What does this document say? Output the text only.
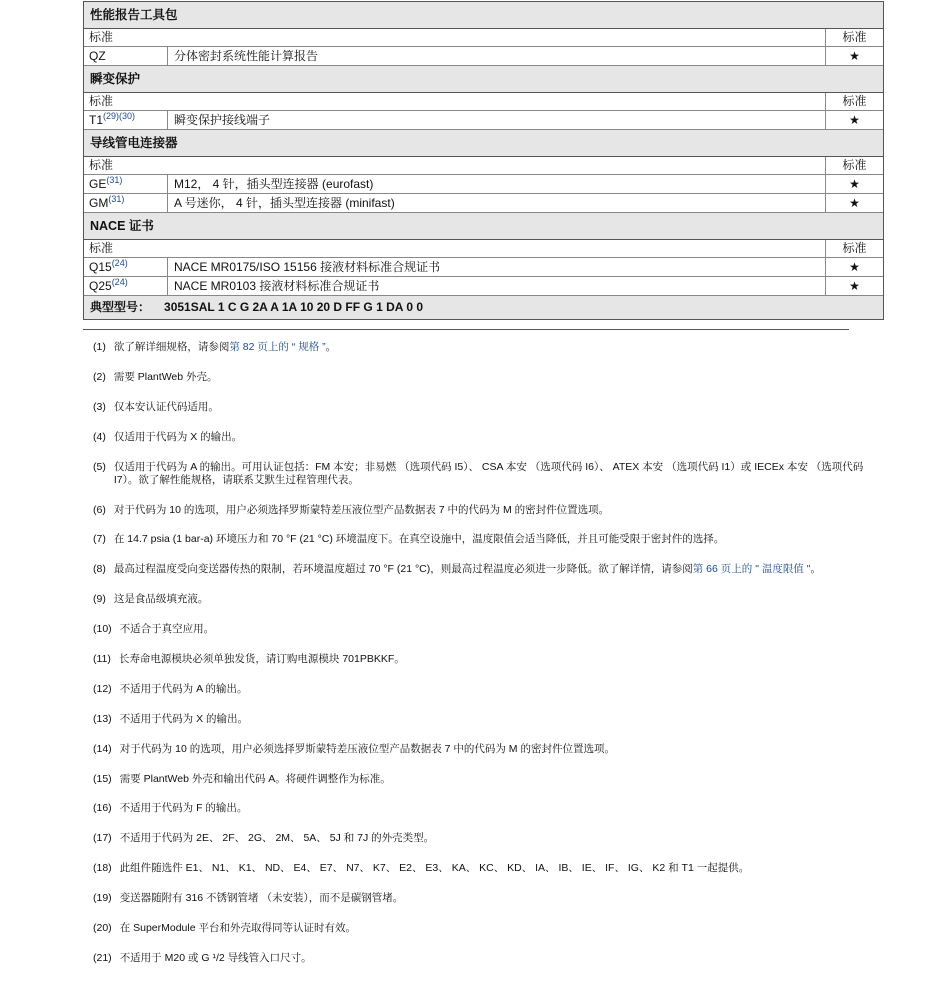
性能报告工具包
标准	标准
QZ	分体密封系统性能计算报告	★
瞬变保护
标准	标准
$T1^{(29)(30)}$	瞬变保护接线端子	★
导线管电连接器
标准	标准
GE$^{(31)}$	M12， 4 针，插头型连接器 (eurofast)	★
GM$^{(31)}$	A 号迷你， 4 针，插头型连接器 (minifast)	★
NACE 证书
标准	标准
Q15$^{(24)}$	NACE MR0175/ISO 15156 接液材料标准合规证书	★
Q25$^{(24)}$	NACE MR0103 接液材料标准合规证书	★
典型型号： 3051SAL 1 C G 2A A 1A 10 20 D FF G 1 DA 0 0
(1) 欲了解详细规格，请参阅第 82 页上的 “ 规格 ”。
(2) 需要 PlantWeb 外壳。
(3) 仅本安认证代码适用。
(4) 仅适用于代码为 X 的输出。
(5) 仅适用于代码为 A 的输出。可用认证包括：FM 本安；非易燃 （选项代码 I5）、 CSA 本安 （选项代码 I6）、 ATEX 本安 （选项代码 I1）或 IECEx 本安 （选项代码 I7）。欲了解性能规格，请联系艾默生过程管理代表。
(6) 对于代码为 10 的选项，用户必须选择罗斯蒙特差压液位型产品数据表 7 中的代码为 M 的密封件位置选项。
(7) 在 14.7 psia (1 bar-a) 环境压力和 70 °F (21 °C) 环境温度下。在真空设施中，温度限值会适当降低，并且可能受限于密封件的选择。
(8) 最高过程温度受向变送器传热的限制，若环境温度超过 70 °F (21 °C)，则最高过程温度必须进一步降低。欲了解详情，请参阅第 66 页上的 " 温度限值 "。
(9) 这是食品级填充液。
(10) 不适合于真空应用。
(11) 长寿命电源模块必须单独发货，请订购电源模块 701PBKKF。
(12) 不适用于代码为 A 的输出。
(13) 不适用于代码为 X 的输出。
(14) 对于代码为 10 的选项，用户必须选择罗斯蒙特差压液位型产品数据表 7 中的代码为 M 的密封件位置选项。
(15) 需要 PlantWeb 外壳和输出代码 A。将硬件调整作为标准。
(16) 不适用于代码为 F 的输出。
(17) 不适用于代码为 2E、 2F、 2G、 2M、 5A、 5J 和 7J 的外壳类型。
(18) 此组件随选件 E1、 N1、 K1、 ND、 E4、 E7、 N7、 K7、 E2、 E3、 KA、 KC、 KD、 IA、 IB、 IE、 IF、 IG、 K2 和 T1 一起提供。
(19) 变送器随附有 316 不锈钢管堵 （未安装），而不是碳钢管堵。
(20) 在 SuperModule 平台和外壳取得同等认证时有效。
(21) 不适用于 M20 或 G ¹/2 导线管入口尺寸。
